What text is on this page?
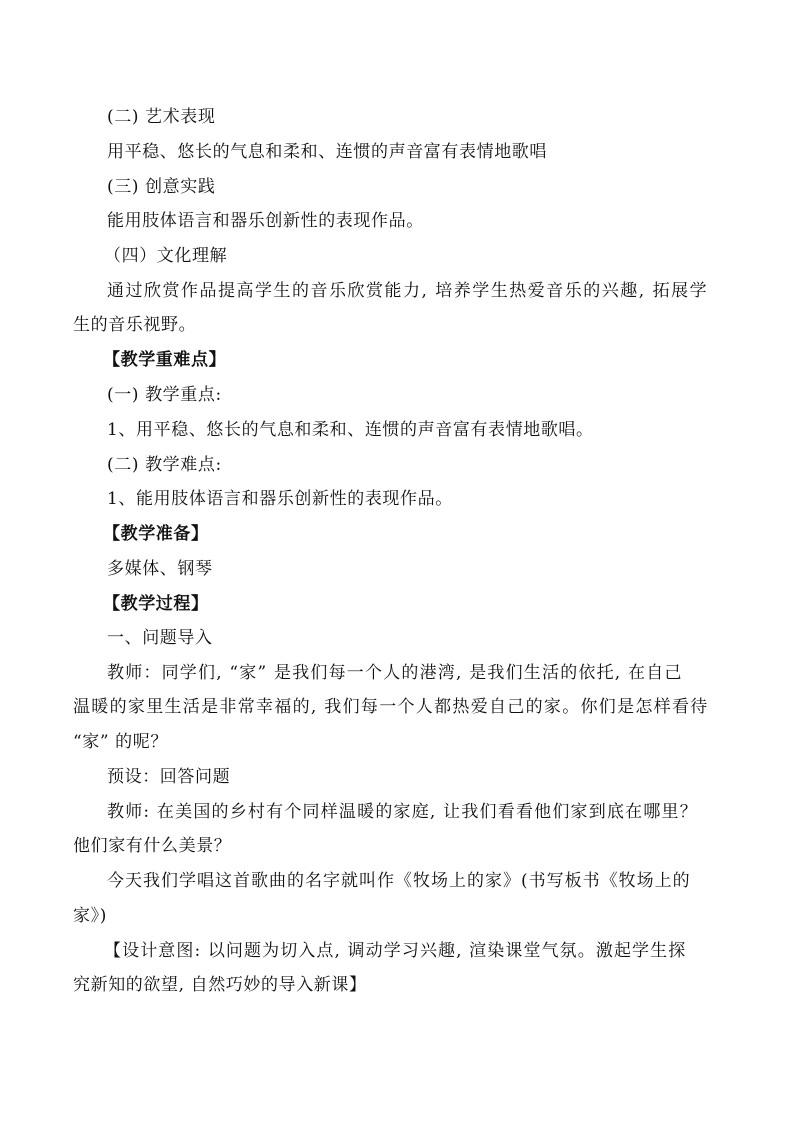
(二) 艺术表现
用平稳、悠长的气息和柔和、连惯的声音富有表情地歌唱
(三) 创意实践
能用肢体语言和器乐创新性的表现作品。
（四）文化理解
通过欣赏作品提高学生的音乐欣赏能力, 培养学生热爱音乐的兴趣, 拓展学
生的音乐视野。
【教学重难点】
(一) 教学重点:
1、用平稳、悠长的气息和柔和、连惯的声音富有表情地歌唱。
(二) 教学难点:
1、能用肢体语言和器乐创新性的表现作品。
【教学准备】
多媒体、钢琴
【教学过程】
一、问题导入
教师：同学们, “家” 是我们每一个人的港湾, 是我们生活的依托, 在自己
温暖的家里生活是非常幸福的, 我们每一个人都热爱自己的家。你们是怎样看待
“家” 的呢？
预设：回答问题
教师: 在美国的乡村有个同样温暖的家庭, 让我们看看他们家到底在哪里？
他们家有什么美景？
今天我们学唱这首歌曲的名字就叫作《牧场上的家》(书写板书《牧场上的
家》)
【设计意图: 以问题为切入点, 调动学习兴趣, 渲染课堂气氛。激起学生探
究新知的欲望, 自然巧妙的导入新课】
